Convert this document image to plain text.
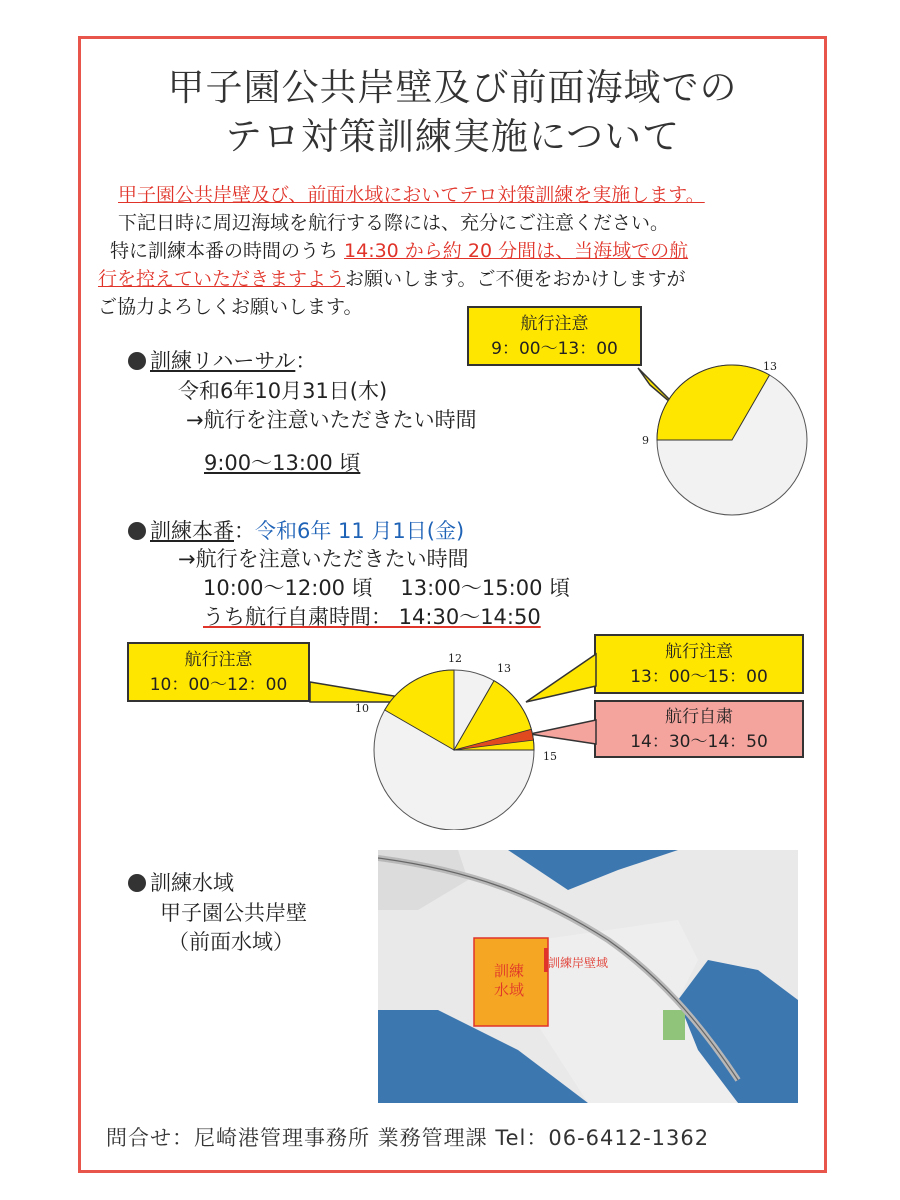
甲子園公共岸壁及び前面海域での
テロ対策訓練実施について
甲子園公共岸壁及び、前面水域においてテロ対策訓練を実施します。
下記日時に周辺海域を航行する際には、充分にご注意ください。
特に訓練本番の時間のうち 14:30 から約 20 分間は、当海域での航
行を控えていただきますようお願いします。ご不便をおかけしますが
ご協力よろしくお願いします。
訓練リハーサル：
令和6年10月31日(木)
→航行を注意いただきたい時間
9:00～13:00 頃
航行注意
9：00～13：00
13
9
訓練本番：令和6年 11 月1日(金)
→航行を注意いただきたい時間
10:00～12:00 頃　 13:00～15:00 頃
うち航行自粛時間： 14:30～14:50
航行注意
10：00～12：00
航行注意
13：00～15：00
航行自粛
14：30～14：50
12
13
10
15
訓練水域
甲子園公共岸壁
（前面水域）
訓練
水域
訓練岸壁域
問合せ：尼崎港管理事務所 業務管理課 Tel：06-6412-1362
